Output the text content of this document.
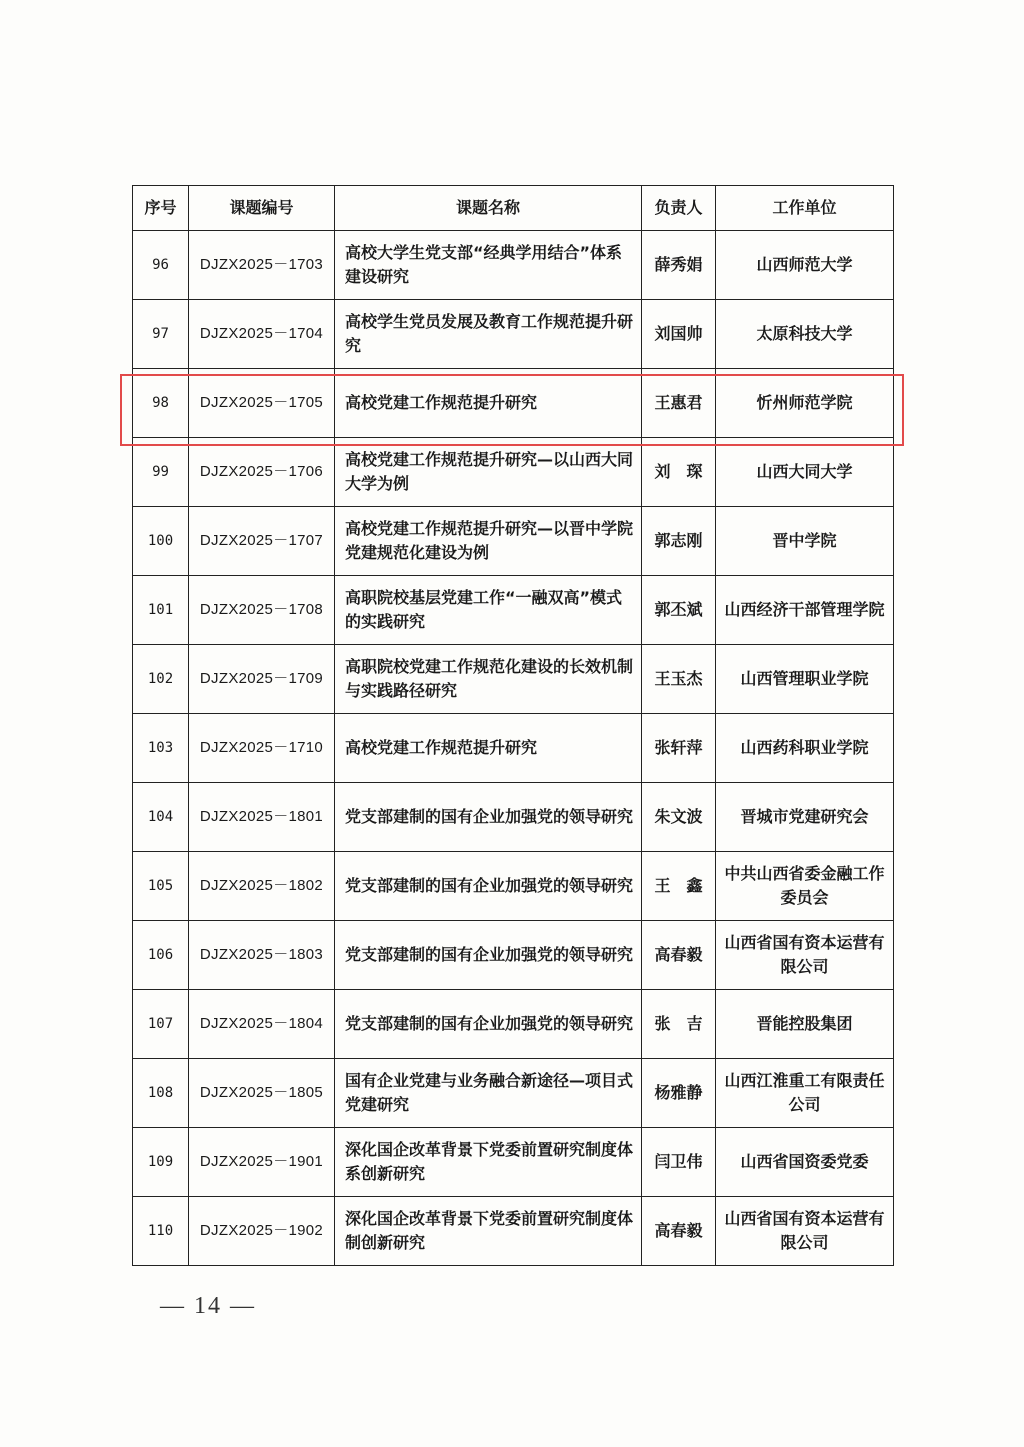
序号	课题编号	课题名称	负责人	工作单位
96	DJZX2025－1703	高校大学生党支部“经典学用结合”体系建设研究	薛秀娟	山西师范大学
97	DJZX2025－1704	高校学生党员发展及教育工作规范提升研究	刘国帅	太原科技大学
98	DJZX2025－1705	高校党建工作规范提升研究	王惠君	忻州师范学院
99	DJZX2025－1706	高校党建工作规范提升研究—以山西大同大学为例	刘　琛	山西大同大学
100	DJZX2025－1707	高校党建工作规范提升研究—以晋中学院党建规范化建设为例	郭志刚	晋中学院
101	DJZX2025－1708	高职院校基层党建工作“一融双高”模式的实践研究	郭丕斌	山西经济干部管理学院
102	DJZX2025－1709	高职院校党建工作规范化建设的长效机制与实践路径研究	王玉杰	山西管理职业学院
103	DJZX2025－1710	高校党建工作规范提升研究	张轩萍	山西药科职业学院
104	DJZX2025－1801	党支部建制的国有企业加强党的领导研究	朱文波	晋城市党建研究会
105	DJZX2025－1802	党支部建制的国有企业加强党的领导研究	王　鑫	中共山西省委金融工作委员会
106	DJZX2025－1803	党支部建制的国有企业加强党的领导研究	高春毅	山西省国有资本运营有限公司
107	DJZX2025－1804	党支部建制的国有企业加强党的领导研究	张　吉	晋能控股集团
108	DJZX2025－1805	国有企业党建与业务融合新途径—项目式党建研究	杨雅静	山西江淮重工有限责任公司
109	DJZX2025－1901	深化国企改革背景下党委前置研究制度体系创新研究	闫卫伟	山西省国资委党委
110	DJZX2025－1902	深化国企改革背景下党委前置研究制度体制创新研究	高春毅	山西省国有资本运营有限公司
— 14 —
